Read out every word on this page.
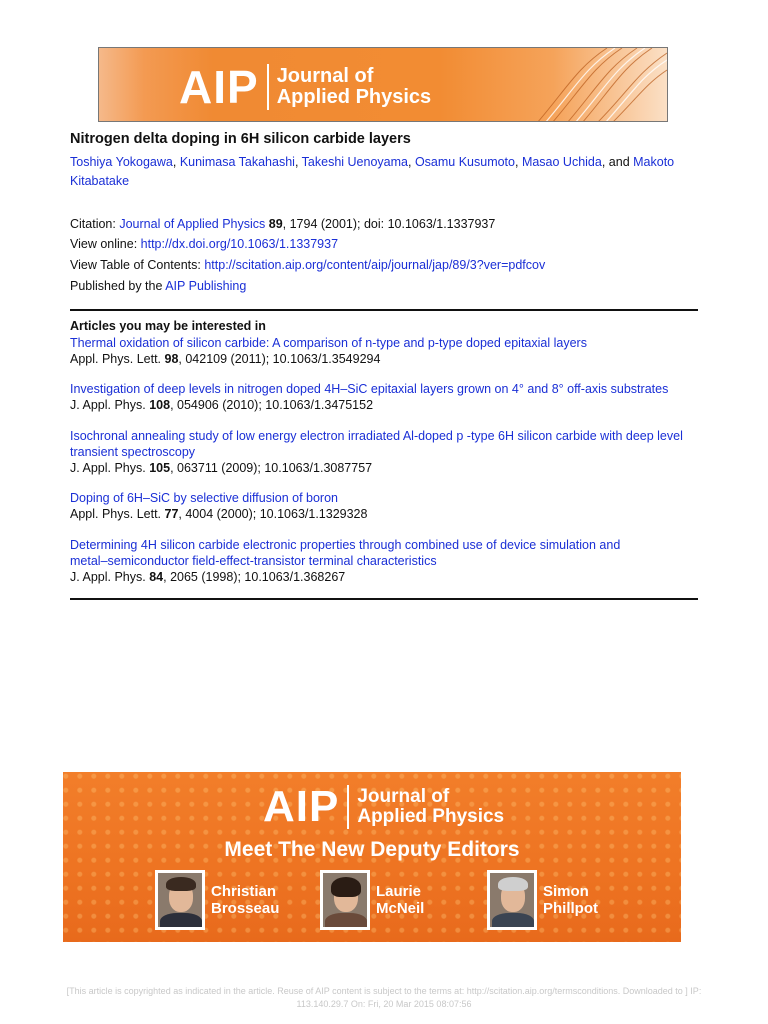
AIP Journal of
Applied Physics
Nitrogen delta doping in 6H silicon carbide layers
Toshiya Yokogawa, Kunimasa Takahashi, Takeshi Uenoyama, Osamu Kusumoto, Masao Uchida, and Makoto Kitabatake
Citation: Journal of Applied Physics 89, 1794 (2001); doi: 10.1063/1.1337937
View online: http://dx.doi.org/10.1063/1.1337937
View Table of Contents: http://scitation.aip.org/content/aip/journal/jap/89/3?ver=pdfcov
Published by the AIP Publishing
Articles you may be interested in
Thermal oxidation of silicon carbide: A comparison of n-type and p-type doped epitaxial layers
Appl. Phys. Lett. 98, 042109 (2011); 10.1063/1.3549294
Investigation of deep levels in nitrogen doped 4H–SiC epitaxial layers grown on 4° and 8° off-axis substrates
J. Appl. Phys. 108, 054906 (2010); 10.1063/1.3475152
Isochronal annealing study of low energy electron irradiated Al-doped p -type 6H silicon carbide with deep level
transient spectroscopy
J. Appl. Phys. 105, 063711 (2009); 10.1063/1.3087757
Doping of 6H–SiC by selective diffusion of boron
Appl. Phys. Lett. 77, 4004 (2000); 10.1063/1.1329328
Determining 4H silicon carbide electronic properties through combined use of device simulation and
metal–semiconductor field-effect-transistor terminal characteristics
J. Appl. Phys. 84, 2065 (1998); 10.1063/1.368267
AIP Journal of
Applied Physics
Meet The New Deputy Editors
Christian
Brosseau
Laurie
McNeil
Simon
Phillpot
[This article is copyrighted as indicated in the article. Reuse of AIP content is subject to the terms at: http://scitation.aip.org/termsconditions. Downloaded to ] IP:
113.140.29.7 On: Fri, 20 Mar 2015 08:07:56
